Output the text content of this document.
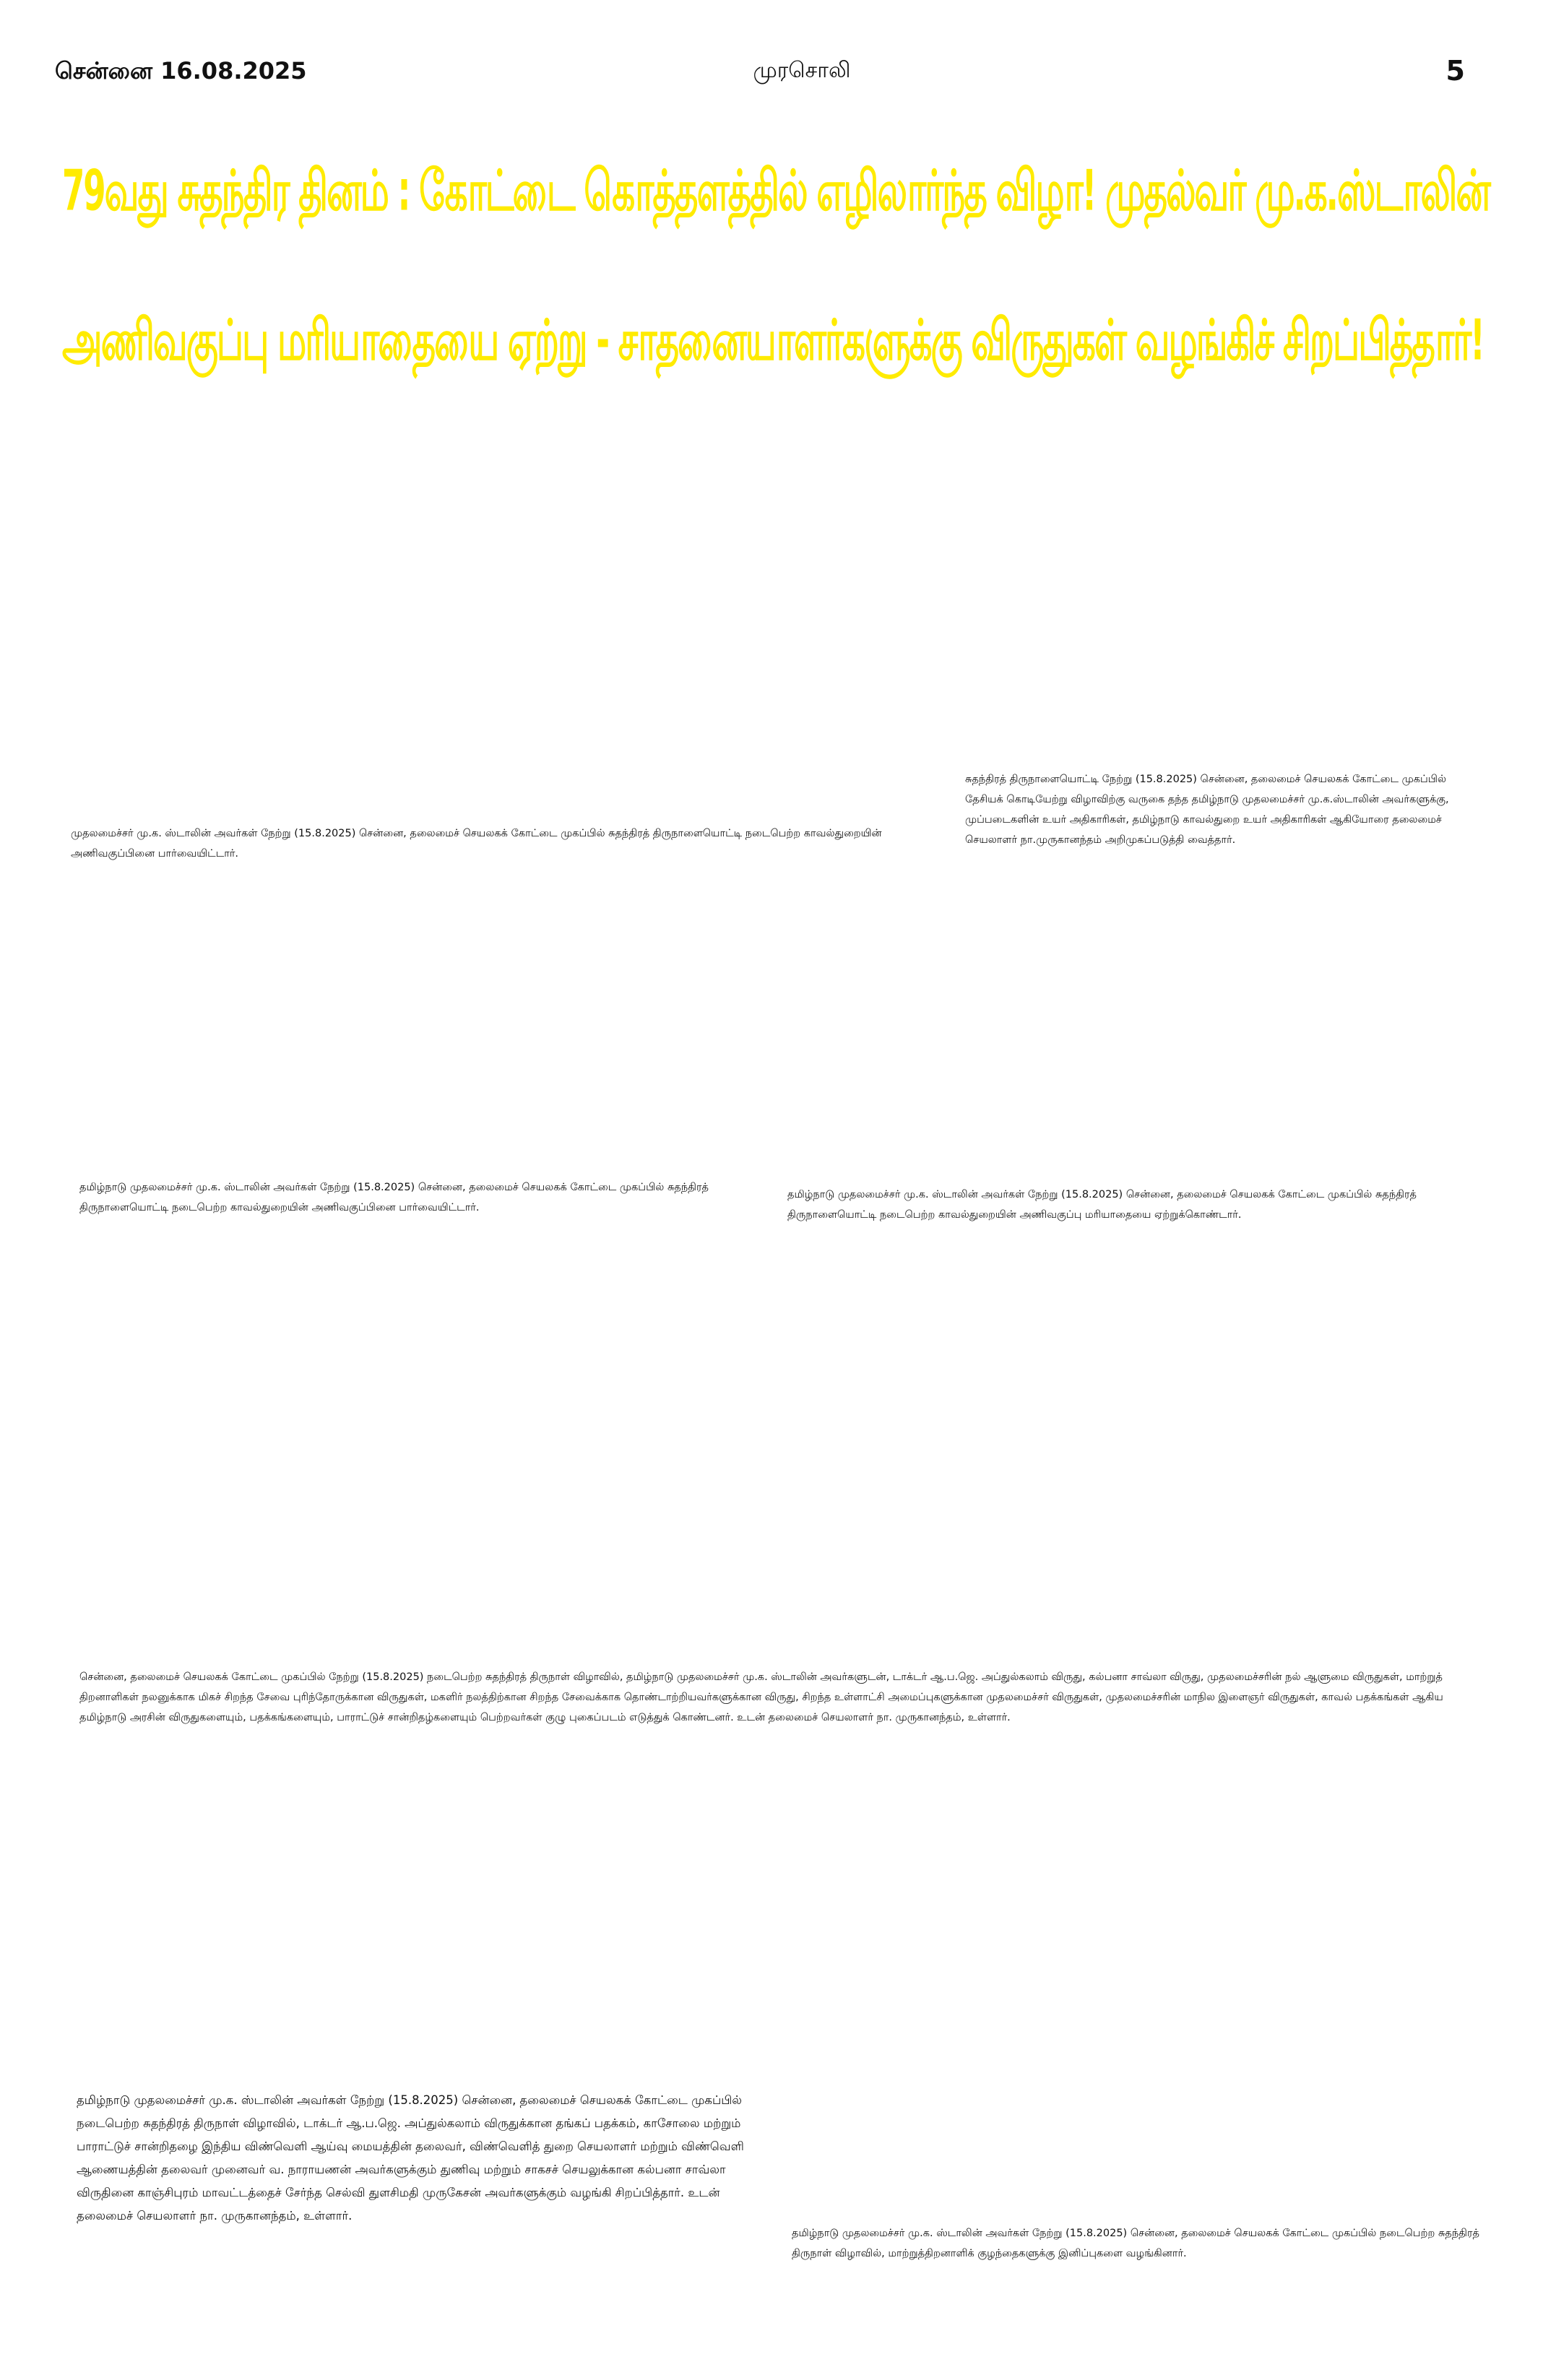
சென்னை 16.08.2025	முரசொலி	5
79வது சுதந்திர தினம் : கோட்டை கொத்தளத்தில் எழிலார்ந்த விழா! முதல்வர் மு.க.ஸ்டாலின்
அணிவகுப்பு மரியாதையை ஏற்று - சாதனையாளர்களுக்கு விருதுகள் வழங்கிச் சிறப்பித்தார்!
முதலமைச்சர் மு.க. ஸ்டாலின் அவர்கள் நேற்று (15.8.2025) சென்னை, தலைமைச் செயலகக் கோட்டை முகப்பில் சுதந்திரத் திருநாளையொட்டி நடைபெற்ற காவல்துறையின் அணிவகுப்பினை பார்வையிட்டார்.
சுதந்திரத் திருநாளையொட்டி நேற்று (15.8.2025) சென்னை, தலைமைச் செயலகக் கோட்டை முகப்பில் தேசியக் கொடியேற்று விழாவிற்கு வருகை தந்த தமிழ்நாடு முதலமைச்சர் மு.க.ஸ்டாலின் அவர்களுக்கு, முப்படைகளின் உயர் அதிகாரிகள், தமிழ்நாடு காவல்துறை உயர் அதிகாரிகள் ஆகியோரை தலைமைச் செயலாளர் நா.முருகானந்தம் அறிமுகப்படுத்தி வைத்தார்.
தமிழ்நாடு முதலமைச்சர் மு.க. ஸ்டாலின் அவர்கள் நேற்று (15.8.2025) சென்னை, தலைமைச் செயலகக் கோட்டை முகப்பில் சுதந்திரத் திருநாளையொட்டி நடைபெற்ற காவல்துறையின் அணிவகுப்பினை பார்வையிட்டார்.
தமிழ்நாடு முதலமைச்சர் மு.க. ஸ்டாலின் அவர்கள் நேற்று (15.8.2025) சென்னை, தலைமைச் செயலகக் கோட்டை முகப்பில் சுதந்திரத் திருநாளையொட்டி நடைபெற்ற காவல்துறையின் அணிவகுப்பு மரியாதையை ஏற்றுக்கொண்டார்.
சென்னை, தலைமைச் செயலகக் கோட்டை முகப்பில் நேற்று (15.8.2025) நடைபெற்ற சுதந்திரத் திருநாள் விழாவில், தமிழ்நாடு முதலமைச்சர் மு.க. ஸ்டாலின் அவர்களுடன், டாக்டர் ஆ.ப.ஜெ. அப்துல்கலாம் விருது, கல்பனா சாவ்லா விருது, முதலமைச்சரின் நல் ஆளுமை விருதுகள், மாற்றுத் திறனாளிகள் நலனுக்காக மிகச் சிறந்த சேவை புரிந்தோருக்கான விருதுகள், மகளிர் நலத்திற்கான சிறந்த சேவைக்காக தொண்டாற்றியவர்களுக்கான விருது, சிறந்த உள்ளாட்சி அமைப்புகளுக்கான முதலமைச்சர் விருதுகள், முதலமைச்சரின் மாநில இளைஞர் விருதுகள், காவல் பதக்கங்கள் ஆகிய தமிழ்நாடு அரசின் விருதுகளையும், பதக்கங்களையும், பாராட்டுச் சான்றிதழ்களையும் பெற்றவர்கள் குழு புகைப்படம் எடுத்துக் கொண்டனர். உடன் தலைமைச் செயலாளர் நா. முருகானந்தம், உள்ளார்.
தமிழ்நாடு முதலமைச்சர் மு.க. ஸ்டாலின் அவர்கள் நேற்று (15.8.2025) சென்னை, தலைமைச் செயலகக் கோட்டை முகப்பில் நடைபெற்ற சுதந்திரத் திருநாள் விழாவில், டாக்டர் ஆ.ப.ஜெ. அப்துல்கலாம் விருதுக்கான தங்கப் பதக்கம், காசோலை மற்றும் பாராட்டுச் சான்றிதழை இந்திய விண்வெளி ஆய்வு மையத்தின் தலைவர், விண்வெளித் துறை செயலாளர் மற்றும் விண்வெளி ஆணையத்தின் தலைவர் முனைவர் வ. நாராயணன் அவர்களுக்கும் துணிவு மற்றும் சாகசச் செயலுக்கான கல்பனா சாவ்லா விருதினை காஞ்சிபுரம் மாவட்டத்தைச் சேர்ந்த செல்வி துளசிமதி முருகேசன் அவர்களுக்கும் வழங்கி சிறப்பித்தார். உடன் தலைமைச் செயலாளர் நா. முருகானந்தம், உள்ளார்.
தமிழ்நாடு முதலமைச்சர் மு.க. ஸ்டாலின் அவர்கள் நேற்று (15.8.2025) சென்னை, தலைமைச் செயலகக் கோட்டை முகப்பில் நடைபெற்ற சுதந்திரத் திருநாள் விழாவில், மாற்றுத்திறனாளிக் குழந்தைகளுக்கு இனிப்புகளை வழங்கினார்.
